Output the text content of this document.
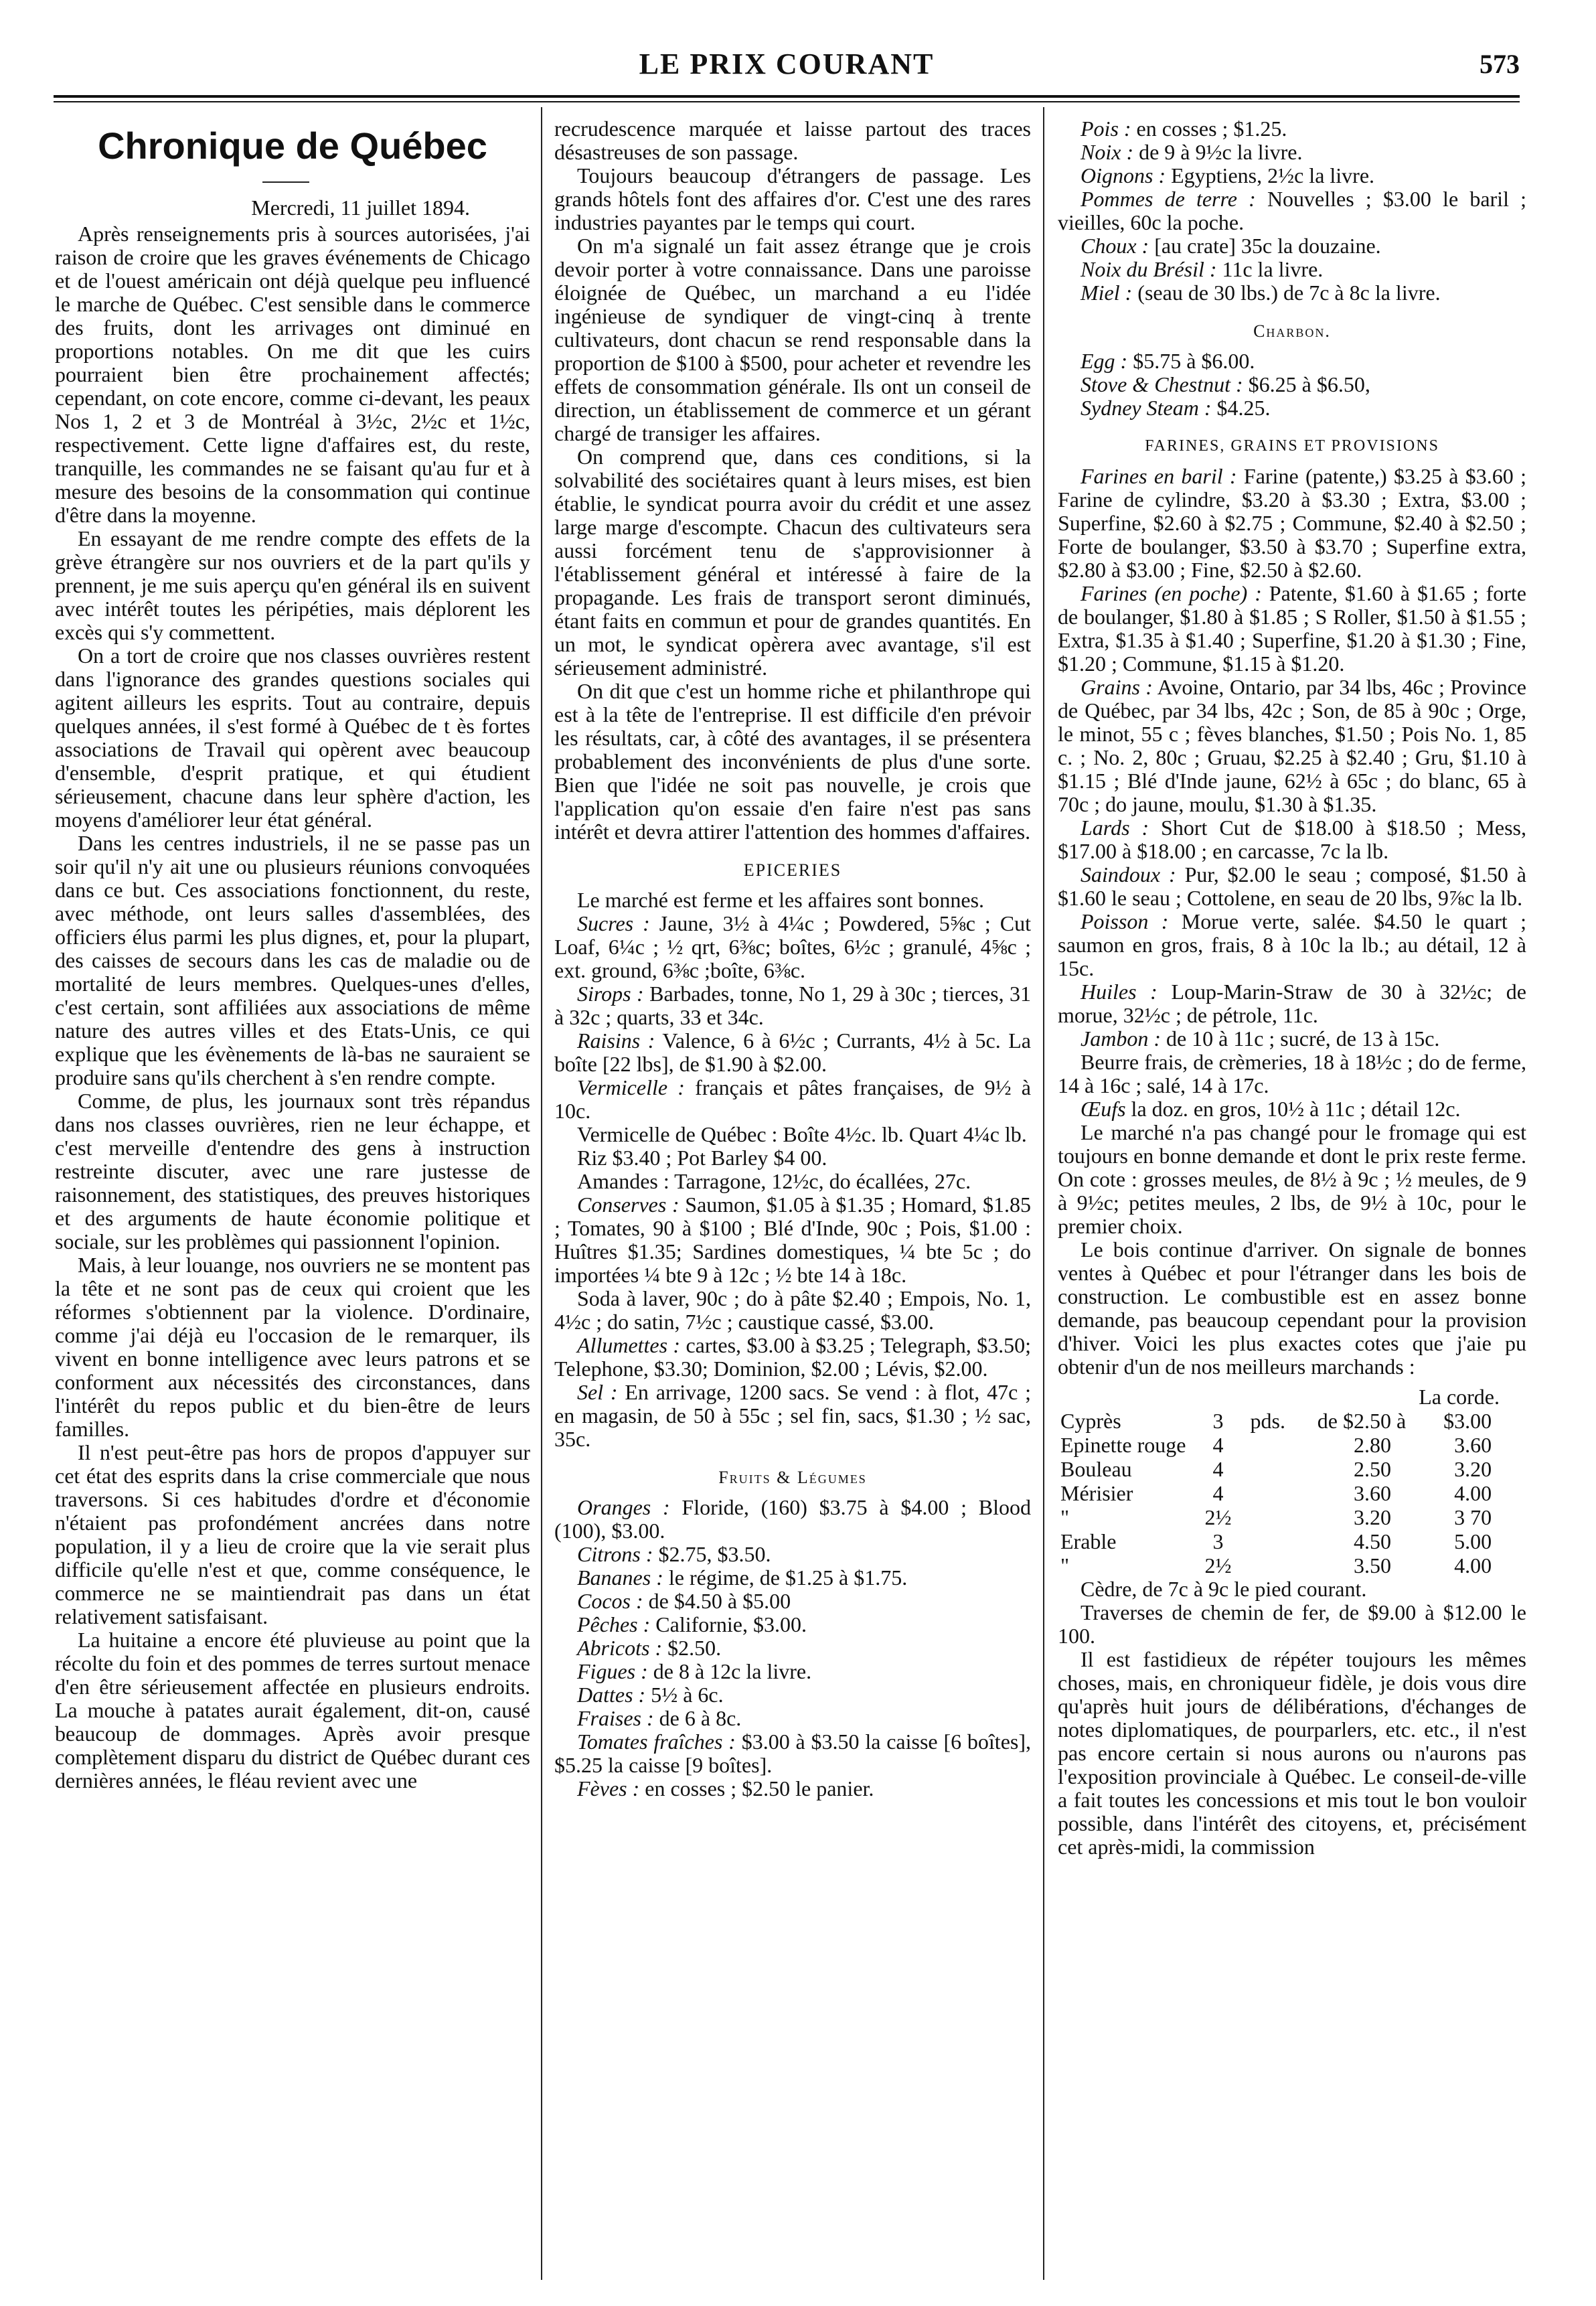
LE PRIX COURANT	573
Chronique de Québec
Mercredi, 11 juillet 1894.

Après renseignements pris à sources autorisées, j'ai raison de croire que les graves événements de Chicago et de l'ouest américain ont déjà quelque peu influencé le marche de Québec. C'est sensible dans le commerce des fruits, dont les arrivages ont diminué en proportions notables. On me dit que les cuirs pourraient bien être prochainement affectés; cependant, on cote encore, comme ci-devant, les peaux Nos 1, 2 et 3 de Montréal à 3½c, 2½c et 1½c, respectivement. Cette ligne d'affaires est, du reste, tranquille, les commandes ne se faisant qu'au fur et à mesure des besoins de la consommation qui continue d'être dans la moyenne.

En essayant de me rendre compte des effets de la grève étrangère sur nos ouvriers et de la part qu'ils y prennent, je me suis aperçu qu'en général ils en suivent avec intérêt toutes les péripéties, mais déplorent les excès qui s'y commettent.

On a tort de croire que nos classes ouvrières restent dans l'ignorance des grandes questions sociales qui agitent ailleurs les esprits. Tout au contraire, depuis quelques années, il s'est formé à Québec de t ès fortes associations de Travail qui opèrent avec beaucoup d'ensemble, d'esprit pratique, et qui étudient sérieusement, chacune dans leur sphère d'action, les moyens d'améliorer leur état général.

Dans les centres industriels, il ne se passe pas un soir qu'il n'y ait une ou plusieurs réunions convoquées dans ce but. Ces associations fonctionnent, du reste, avec méthode, ont leurs salles d'assemblées, des officiers élus parmi les plus dignes, et, pour la plupart, des caisses de secours dans les cas de maladie ou de mortalité de leurs membres. Quelques-unes d'elles, c'est certain, sont affiliées aux associations de même nature des autres villes et des Etats-Unis, ce qui explique que les évènements de là-bas ne sauraient se produire sans qu'ils cherchent à s'en rendre compte.

Comme, de plus, les journaux sont très répandus dans nos classes ouvrières, rien ne leur échappe, et c'est merveille d'entendre des gens à instruction restreinte discuter, avec une rare justesse de raisonnement, des statistiques, des preuves historiques et des arguments de haute économie politique et sociale, sur les problèmes qui passionnent l'opinion.

Mais, à leur louange, nos ouvriers ne se montent pas la tête et ne sont pas de ceux qui croient que les réformes s'obtiennent par la violence. D'ordinaire, comme j'ai déjà eu l'occasion de le remarquer, ils vivent en bonne intelligence avec leurs patrons et se conforment aux nécessités des circonstances, dans l'intérêt du repos public et du bien-être de leurs familles.

Il n'est peut-être pas hors de propos d'appuyer sur cet état des esprits dans la crise commerciale que nous traversons. Si ces habitudes d'ordre et d'économie n'étaient pas profondément ancrées dans notre population, il y a lieu de croire que la vie serait plus difficile qu'elle n'est et que, comme conséquence, le commerce ne se maintiendrait pas dans un état relativement satisfaisant.

La huitaine a encore été pluvieuse au point que la récolte du foin et des pommes de terres surtout menace d'en être sérieusement affectée en plusieurs endroits. La mouche à patates aurait également, dit-on, causé beaucoup de dommages. Après avoir presque complètement disparu du district de Québec durant ces dernières années, le fléau revient avec une

recrudescence marquée et laisse partout des traces désastreuses de son passage.

Toujours beaucoup d'étrangers de passage. Les grands hôtels font des affaires d'or. C'est une des rares industries payantes par le temps qui court.

On m'a signalé un fait assez étrange que je crois devoir porter à votre connaissance. Dans une paroisse éloignée de Québec, un marchand a eu l'idée ingénieuse de syndiquer de vingt-cinq à trente cultivateurs, dont chacun se rend responsable dans la proportion de $100 à $500, pour acheter et revendre les effets de consommation générale. Ils ont un conseil de direction, un établissement de commerce et un gérant chargé de transiger les affaires.

On comprend que, dans ces conditions, si la solvabilité des sociétaires quant à leurs mises, est bien établie, le syndicat pourra avoir du crédit et une assez large marge d'escompte. Chacun des cultivateurs sera aussi forcément tenu de s'approvisionner à l'établissement général et intéressé à faire de la propagande. Les frais de transport seront diminués, étant faits en commun et pour de grandes quantités. En un mot, le syndicat opèrera avec avantage, s'il est sérieusement administré.

On dit que c'est un homme riche et philanthrope qui est à la tête de l'entreprise. Il est difficile d'en prévoir les résultats, car, à côté des avantages, il se présentera probablement des inconvénients de plus d'une sorte. Bien que l'idée ne soit pas nouvelle, je crois que l'application qu'on essaie d'en faire n'est pas sans intérêt et devra attirer l'attention des hommes d'affaires.

EPICERIES

Le marché est ferme et les affaires sont bonnes.

Sucres : Jaune, 3½ à 4¼c ; Powdered, 5⅝c ; Cut Loaf, 6¼c ; ½ qrt, 6⅜c; boîtes, 6½c ; granulé, 4⅝c ; ext. ground, 6⅜c ;boîte, 6⅜c.

Sirops : Barbades, tonne, No 1, 29 à 30c ; tierces, 31 à 32c ; quarts, 33 et 34c.

Raisins : Valence, 6 à 6½c ; Currants, 4½ à 5c. La boîte [22 lbs], de $1.90 à $2.00.

Vermicelle : français et pâtes françaises, de 9½ à 10c.

Vermicelle de Québec : Boîte 4½c. lb. Quart 4¼c lb.

Riz $3.40 ; Pot Barley $4 00.

Amandes : Tarragone, 12½c, do écallées, 27c.

Conserves : Saumon, $1.05 à $1.35 ; Homard, $1.85 ; Tomates, 90 à $100 ; Blé d'Inde, 90c ; Pois, $1.00 : Huîtres $1.35; Sardines domestiques, ¼ bte 5c ; do importées ¼ bte 9 à 12c ; ½ bte 14 à 18c.

Soda à laver, 90c ; do à pâte $2.40 ; Empois, No. 1, 4½c ; do satin, 7½c ; caustique cassé, $3.00.

Allumettes : cartes, $3.00 à $3.25 ; Telegraph, $3.50; Telephone, $3.30; Dominion, $2.00 ; Lévis, $2.00.

Sel : En arrivage, 1200 sacs. Se vend : à flot, 47c ; en magasin, de 50 à 55c ; sel fin, sacs, $1.30 ; ½ sac, 35c.

Fruits & Légumes

Oranges : Floride, (160) $3.75 à $4.00 ; Blood (100), $3.00.

Citrons : $2.75, $3.50.

Bananes : le régime, de $1.25 à $1.75.

Cocos : de $4.50 à $5.00

Pêches : Californie, $3.00.

Abricots : $2.50.

Figues : de 8 à 12c la livre.

Dattes : 5½ à 6c.

Fraises : de 6 à 8c.

Tomates fraîches : $3.00 à $3.50 la caisse [6 boîtes], $5.25 la caisse [9 boîtes].

Fèves : en cosses ; $2.50 le panier.

Pois : en cosses ; $1.25.

Noix : de 9 à 9½c la livre.

Oignons : Egyptiens, 2½c la livre.

Pommes de terre : Nouvelles ; $3.00 le baril ; vieilles, 60c la poche.

Choux : [au crate] 35c la douzaine.

Noix du Brésil : 11c la livre.

Miel : (seau de 30 lbs.) de 7c à 8c la livre.

Charbon.

Egg : $5.75 à $6.00.

Stove & Chestnut : $6.25 à $6.50,

Sydney Steam : $4.25.

FARINES, GRAINS ET PROVISIONS

Farines en baril : Farine (patente,) $3.25 à $3.60 ; Farine de cylindre, $3.20 à $3.30 ; Extra, $3.00 ; Superfine, $2.60 à $2.75 ; Commune, $2.40 à $2.50 ; Forte de boulanger, $3.50 à $3.70 ; Superfine extra, $2.80 à $3.00 ; Fine, $2.50 à $2.60.

Farines (en poche) : Patente, $1.60 à $1.65 ; forte de boulanger, $1.80 à $1.85 ; S Roller, $1.50 à $1.55 ; Extra, $1.35 à $1.40 ; Superfine, $1.20 à $1.30 ; Fine, $1.20 ; Commune, $1.15 à $1.20.

Grains : Avoine, Ontario, par 34 lbs, 46c ; Province de Québec, par 34 lbs, 42c ; Son, de 85 à 90c ; Orge, le minot, 55 c ; fèves blanches, $1.50 ; Pois No. 1, 85 c. ; No. 2, 80c ; Gruau, $2.25 à $2.40 ; Gru, $1.10 à $1.15 ; Blé d'Inde jaune, 62½ à 65c ; do blanc, 65 à 70c ; do jaune, moulu, $1.30 à $1.35.

Lards : Short Cut de $18.00 à $18.50 ; Mess, $17.00 à $18.00 ; en carcasse, 7c la lb.

Saindoux : Pur, $2.00 le seau ; composé, $1.50 à $1.60 le seau ; Cottolene, en seau de 20 lbs, 9⅞c la lb.

Poisson : Morue verte, salée. $4.50 le quart ; saumon en gros, frais, 8 à 10c la lb.; au détail, 12 à 15c.

Huiles : Loup-Marin-Straw de 30 à 32½c; de morue, 32½c ; de pétrole, 11c.

Jambon : de 10 à 11c ; sucré, de 13 à 15c.

Beurre frais, de crèmeries, 18 à 18½c ; do de ferme, 14 à 16c ; salé, 14 à 17c.

Œufs la doz. en gros, 10½ à 11c ; détail 12c.

Le marché n'a pas changé pour le fromage qui est toujours en bonne demande et dont le prix reste ferme. On cote : grosses meules, de 8½ à 9c ; ½ meules, de 9 à 9½c; petites meules, 2 lbs, de 9½ à 10c, pour le premier choix.

Le bois continue d'arriver. On signale de bonnes ventes à Québec et pour l'étranger dans les bois de construction. Le combustible est en assez bonne demande, pas beaucoup cependant pour la provision d'hiver. Voici les plus exactes cotes que j'aie pu obtenir d'un de nos meilleurs marchands :

La corde.
Cyprès	3	pds.	de $2.50	à	$3.00
Epinette rouge	4		2.80		3.60
Bouleau	4		2.50		3.20
Mérisier	4		3.60		4.00
"	2½		3.20		3 70
Erable	3		4.50		5.00
"	2½		3.50		4.00

Cèdre, de 7c à 9c le pied courant.

Traverses de chemin de fer, de $9.00 à $12.00 le 100.

Il est fastidieux de répéter toujours les mêmes choses, mais, en chroniqueur fidèle, je dois vous dire qu'après huit jours de délibérations, d'échanges de notes diplomatiques, de pourparlers, etc. etc., il n'est pas encore certain si nous aurons ou n'aurons pas l'exposition provinciale à Québec. Le conseil-de-ville a fait toutes les concessions et mis tout le bon vouloir possible, dans l'intérêt des citoyens, et, précisément cet après-midi, la commission
